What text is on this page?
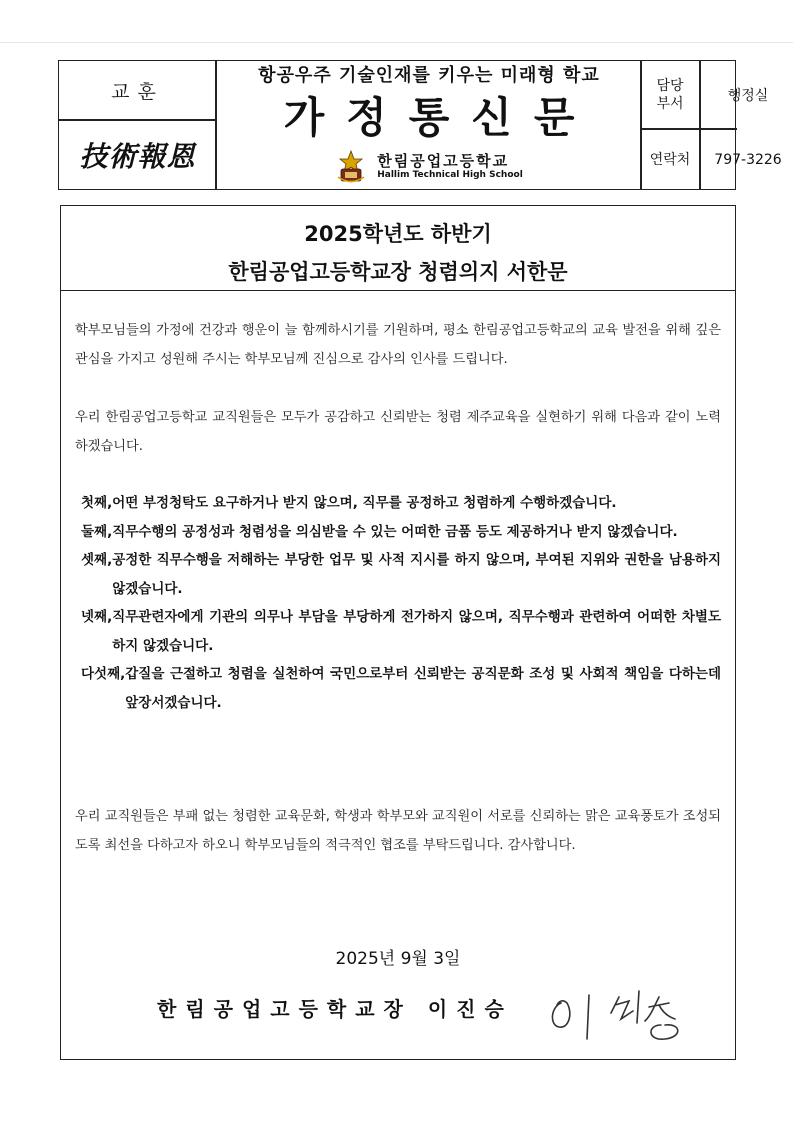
교훈
技術報恩
항공우주 기술인재를 키우는 미래형 학교
가정통신문
한림공업고등학교
Hallim Technical High School
담당
부서	행정실
연락처	797-3226
2025학년도 하반기
한림공업고등학교장 청렴의지 서한문
학부모님들의 가정에 건강과 행운이 늘 함께하시기를 기원하며, 평소 한림공업고등학교의 교육 발전을 위해 깊은 관심을 가지고 성원해 주시는 학부모님께 진심으로 감사의 인사를 드립니다.
우리 한림공업고등학교 교직원들은 모두가 공감하고 신뢰받는 청렴 제주교육을 실현하기 위해 다음과 같이 노력하겠습니다.
첫째, 어떤 부정청탁도 요구하거나 받지 않으며, 직무를 공정하고 청렴하게 수행하겠습니다.
둘째, 직무수행의 공정성과 청렴성을 의심받을 수 있는 어떠한 금품 등도 제공하거나 받지 않겠습니다.
셋째, 공정한 직무수행을 저해하는 부당한 업무 및 사적 지시를 하지 않으며, 부여된 지위와 권한을 남용하지 않겠습니다.
넷째, 직무관련자에게 기관의 의무나 부담을 부당하게 전가하지 않으며, 직무수행과 관련하여 어떠한 차별도 하지 않겠습니다.
다섯째, 갑질을 근절하고 청렴을 실천하여 국민으로부터 신뢰받는 공직문화 조성 및 사회적 책임을 다하는데 앞장서겠습니다.
우리 교직원들은 부패 없는 청렴한 교육문화, 학생과 학부모와 교직원이 서로를 신뢰하는 맑은 교육풍토가 조성되도록 최선을 다하고자 하오니 학부모님들의 적극적인 협조를 부탁드립니다. 감사합니다.
2025년 9월 3일
한림공업고등학교장 이진승
